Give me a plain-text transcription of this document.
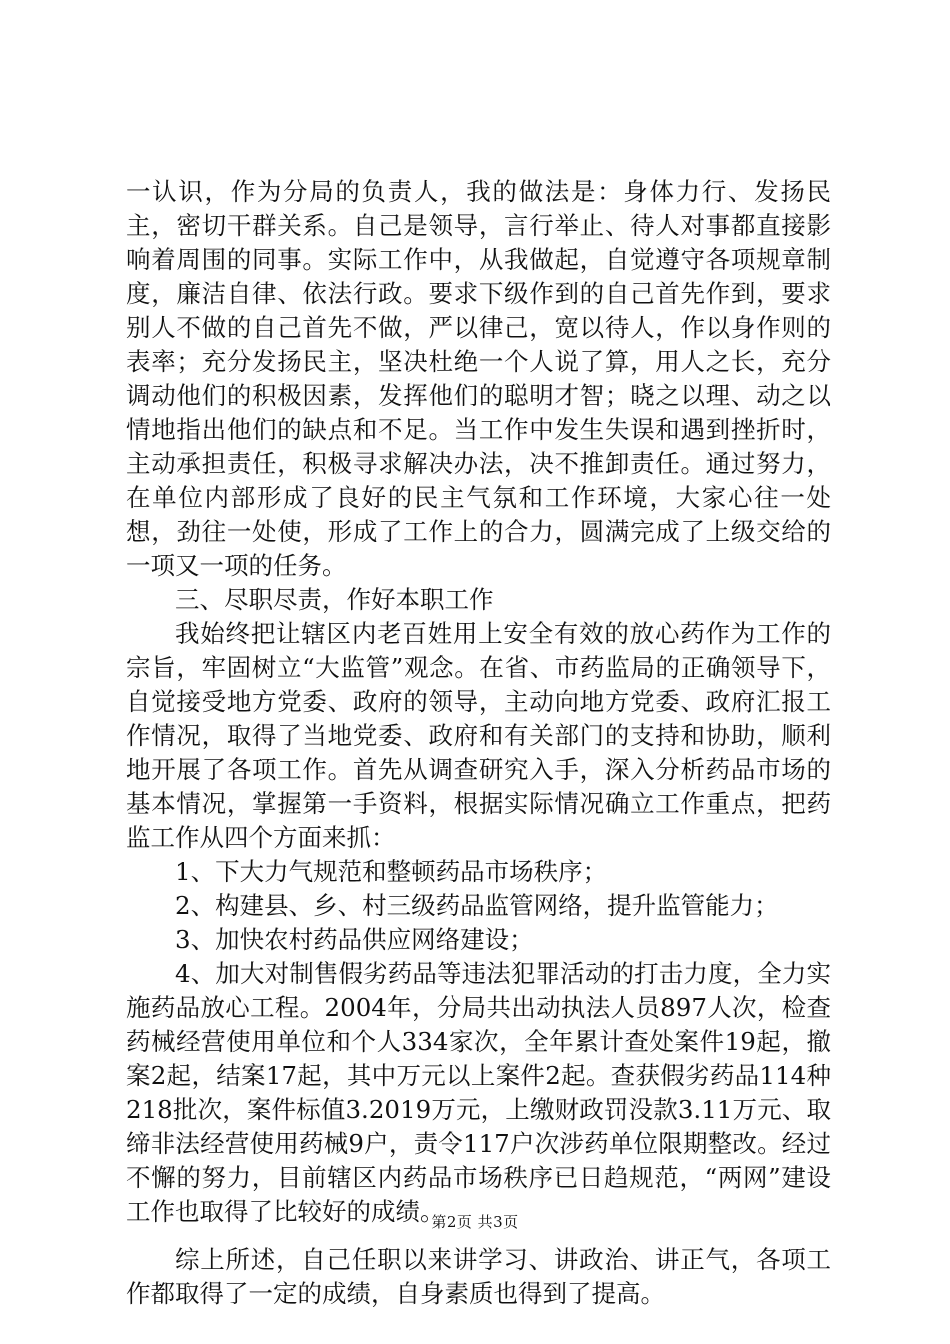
一认识，作为分局的负责人，我的做法是：身体力行、发扬民主，密切干群关系。自己是领导，言行举止、待人对事都直接影响着周围的同事。实际工作中，从我做起，自觉遵守各项规章制度，廉洁自律、依法行政。要求下级作到的自己首先作到，要求别人不做的自己首先不做，严以律己，宽以待人，作以身作则的表率；充分发扬民主，坚决杜绝一个人说了算，用人之长，充分调动他们的积极因素，发挥他们的聪明才智；晓之以理、动之以情地指出他们的缺点和不足。当工作中发生失误和遇到挫折时，主动承担责任，积极寻求解决办法，决不推卸责任。通过努力，在单位内部形成了良好的民主气氛和工作环境，大家心往一处想，劲往一处使，形成了工作上的合力，圆满完成了上级交给的一项又一项的任务。

三、尽职尽责，作好本职工作

我始终把让辖区内老百姓用上安全有效的放心药作为工作的宗旨，牢固树立“大监管”观念。在省、市药监局的正确领导下，自觉接受地方党委、政府的领导，主动向地方党委、政府汇报工作情况，取得了当地党委、政府和有关部门的支持和协助，顺利地开展了各项工作。首先从调查研究入手，深入分析药品市场的基本情况，掌握第一手资料，根据实际情况确立工作重点，把药监工作从四个方面来抓：

1、下大力气规范和整顿药品市场秩序；

2、构建县、乡、村三级药品监管网络，提升监管能力；

3、加快农村药品供应网络建设；

4、加大对制售假劣药品等违法犯罪活动的打击力度，全力实施药品放心工程。2004年，分局共出动执法人员897人次，检查药械经营使用单位和个人334家次，全年累计查处案件19起，撤案2起，结案17起，其中万元以上案件2起。查获假劣药品114种218批次，案件标值3.2019万元，上缴财政罚没款3.11万元、取缔非法经营使用药械9户，责令117户次涉药单位限期整改。经过不懈的努力，目前辖区内药品市场秩序已日趋规范，“两网”建设工作也取得了比较好的成绩。

综上所述，自己任职以来讲学习、讲政治、讲正气，各项工作都取得了一定的成绩，自身素质也得到了提高。

第2页 共3页
